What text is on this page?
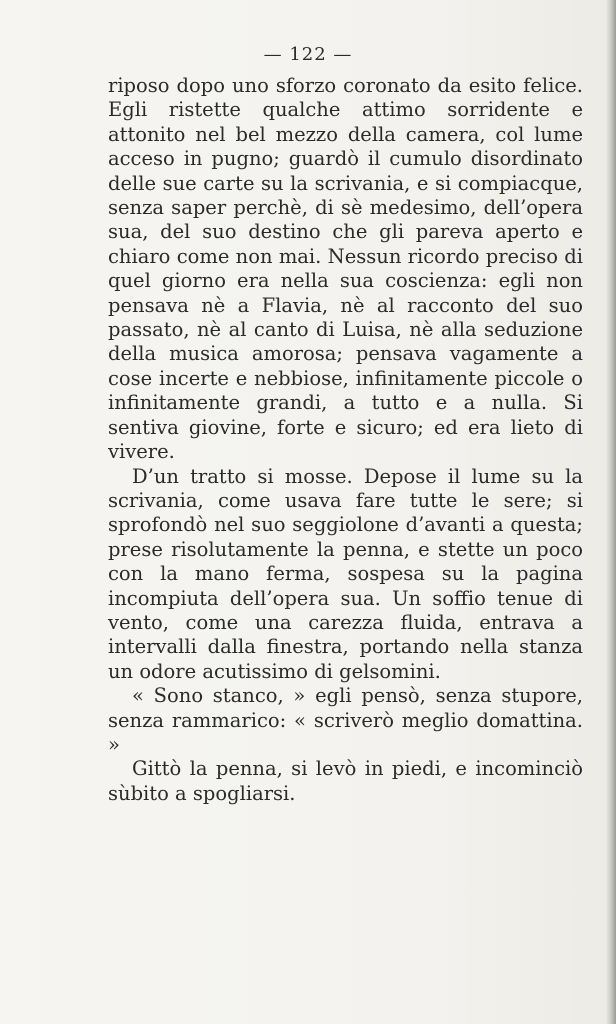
— 122 —

riposo dopo uno sforzo coronato da esito felice. Egli ristette qualche attimo sorridente e attonito nel bel mezzo della camera, col lume acceso in pugno; guardò il cumulo disordinato delle sue carte su la scrivania, e si compiacque, senza saper perchè, di sè medesimo, dell’opera sua, del suo destino che gli pareva aperto e chiaro come non mai. Nessun ricordo preciso di quel giorno era nella sua coscienza: egli non pensava nè a Flavia, nè al racconto del suo passato, nè al canto di Luisa, nè alla seduzione della musica amorosa; pensava vagamente a cose incerte e nebbiose, infinitamente piccole o infinitamente grandi, a tutto e a nulla. Si sentiva giovine, forte e sicuro; ed era lieto di vivere.

D’un tratto si mosse. Depose il lume su la scrivania, come usava fare tutte le sere; si sprofondò nel suo seggiolone d’avanti a questa; prese risolutamente la penna, e stette un poco con la mano ferma, sospesa su la pagina incompiuta dell’opera sua. Un soffio tenue di vento, come una carezza fluida, entrava a intervalli dalla finestra, portando nella stanza un odore acutissimo di gelsomini.

« Sono stanco, » egli pensò, senza stupore, senza rammarico: « scriverò meglio domattina. »

Gittò la penna, si levò in piedi, e incominciò sùbito a spogliarsi.
